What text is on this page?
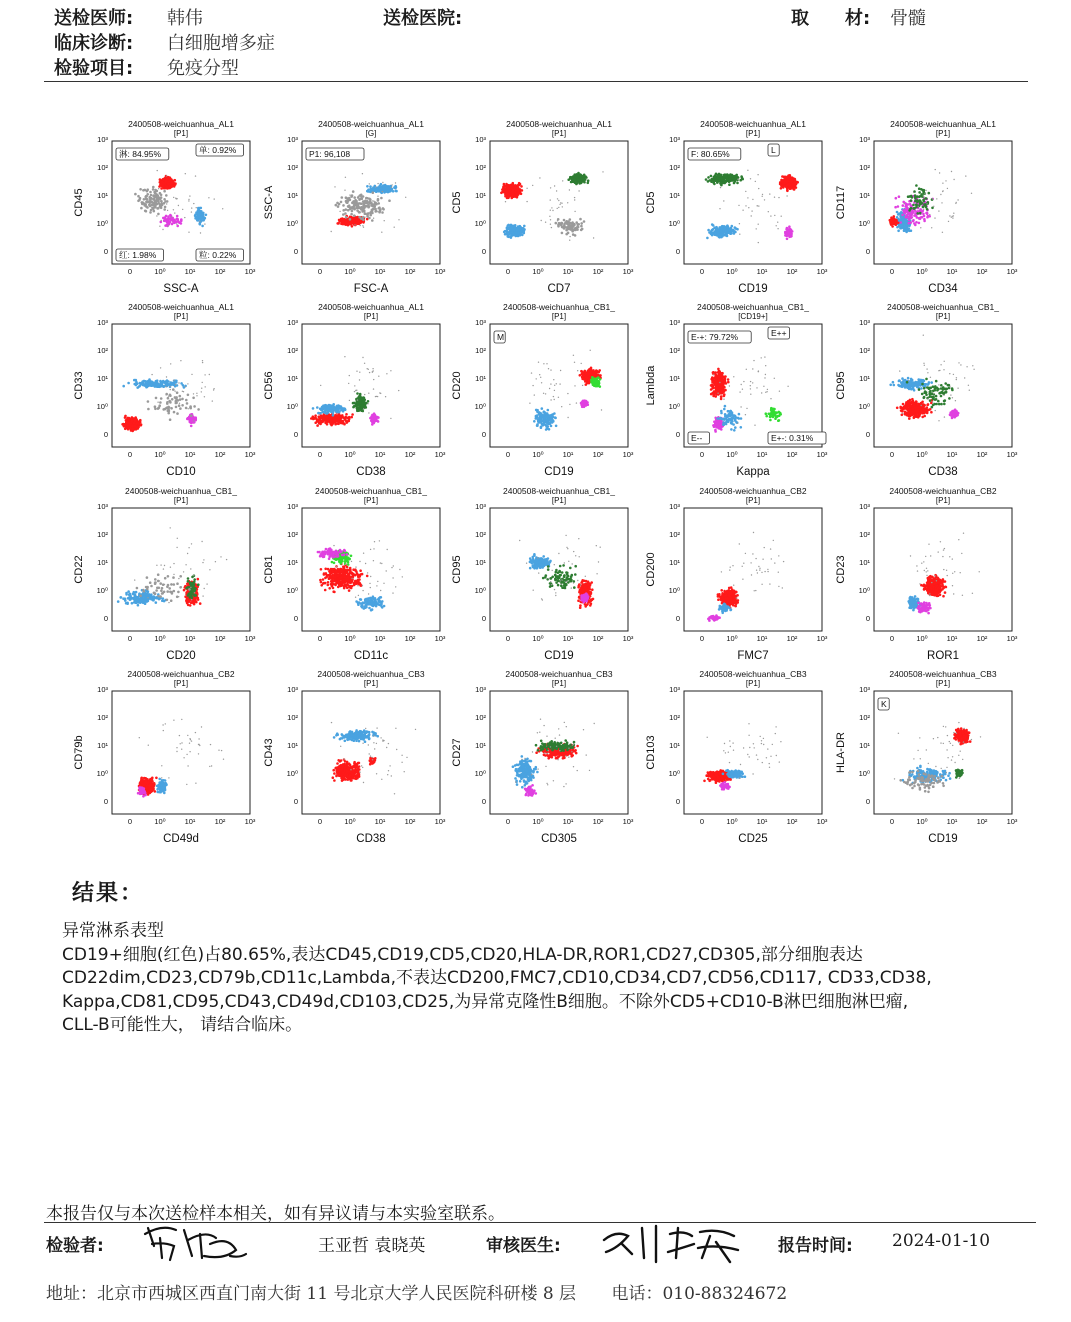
送检医师: 韩伟	送检医院:	取　　材: 骨髓
临床诊断: 白细胞增多症
检验项目: 免疫分型
2400508-weichuanhua_AL1
[P1]
0	10⁰	10¹	10²	10³
0
10⁰
10¹
10²
10³
SSC-A
CD45
淋: 84.95%	单: 0.92%
红: 1.98%	粒: 0.22%
2400508-weichuanhua_AL1
[G]
0	10⁰	10¹	10²	10³
0
10⁰
10¹
10²
10³
FSC-A
SSC-A
P1: 96,108
2400508-weichuanhua_AL1
[P1]
0	10⁰	10¹	10²	10³
0
10⁰
10¹
10²
10³
CD7
CD5
2400508-weichuanhua_AL1
[P1]
0	10⁰	10¹	10²	10³
0
10⁰
10¹
10²
10³
CD19
CD5
F: 80.65%	L
2400508-weichuanhua_AL1
[P1]
0	10⁰	10¹	10²	10³
0
10⁰
10¹
10²
10³
CD34
CD117
2400508-weichuanhua_AL1
[P1]
0	10⁰	10¹	10²	10³
0
10⁰
10¹
10²
10³
CD10
CD33
2400508-weichuanhua_AL1
[P1]
0	10⁰	10¹	10²	10³
0
10⁰
10¹
10²
10³
CD38
CD56
2400508-weichuanhua_CB1_
[P1]
0	10⁰	10¹	10²	10³
0
10⁰
10¹
10²
10³
CD19
CD20
M
2400508-weichuanhua_CB1_
[CD19+]
0	10⁰	10¹	10²	10³
0
10⁰
10¹
10²
10³
Kappa
Lambda
E-+: 79.72%	E++
E--	E+-: 0.31%
2400508-weichuanhua_CB1_
[P1]
0	10⁰	10¹	10²	10³
0
10⁰
10¹
10²
10³
CD38
CD95
2400508-weichuanhua_CB1_
[P1]
0	10⁰	10¹	10²	10³
0
10⁰
10¹
10²
10³
CD20
CD22
2400508-weichuanhua_CB1_
[P1]
0	10⁰	10¹	10²	10³
0
10⁰
10¹
10²
10³
CD11c
CD81
2400508-weichuanhua_CB1_
[P1]
0	10⁰	10¹	10²	10³
0
10⁰
10¹
10²
10³
CD19
CD95
2400508-weichuanhua_CB2
[P1]
0	10⁰	10¹	10²	10³
0
10⁰
10¹
10²
10³
FMC7
CD200
2400508-weichuanhua_CB2
[P1]
0	10⁰	10¹	10²	10³
0
10⁰
10¹
10²
10³
ROR1
CD23
2400508-weichuanhua_CB2
[P1]
0	10⁰	10¹	10²	10³
0
10⁰
10¹
10²
10³
CD49d
CD79b
2400508-weichuanhua_CB3
[P1]
0	10⁰	10¹	10²	10³
0
10⁰
10¹
10²
10³
CD38
CD43
2400508-weichuanhua_CB3
[P1]
0	10⁰	10¹	10²	10³
0
10⁰
10¹
10²
10³
CD305
CD27
2400508-weichuanhua_CB3
[P1]
0	10⁰	10¹	10²	10³
0
10⁰
10¹
10²
10³
CD25
CD103
2400508-weichuanhua_CB3
[P1]
0	10⁰	10¹	10²	10³
0
10⁰
10¹
10²
10³
CD19
HLA-DR
K
结果：

异常淋系表型

CD19+细胞(红色)占80.65%,表达CD45,CD19,CD5,CD20,HLA-DR,ROR1,CD27,CD305,部分细胞表达

CD22dim,CD23,CD79b,CD11c,Lambda,不表达CD200,FMC7,CD10,CD34,CD7,CD56,CD117, CD33,CD38,

Kappa,CD81,CD95,CD43,CD49d,CD103,CD25,为异常克隆性B细胞。不除外CD5+CD10-B淋巴细胞淋巴瘤,

CLL-B可能性大， 请结合临床。

本报告仅与本次送检样本相关，如有异议请与本实验室联系。
检验者:	王亚哲 袁晓英	审核医生:	报告时间: 2024-01-10
地址：北京市西城区西直门南大街 11 号北京大学人民医院科研楼 8 层 电话：010-88324672
